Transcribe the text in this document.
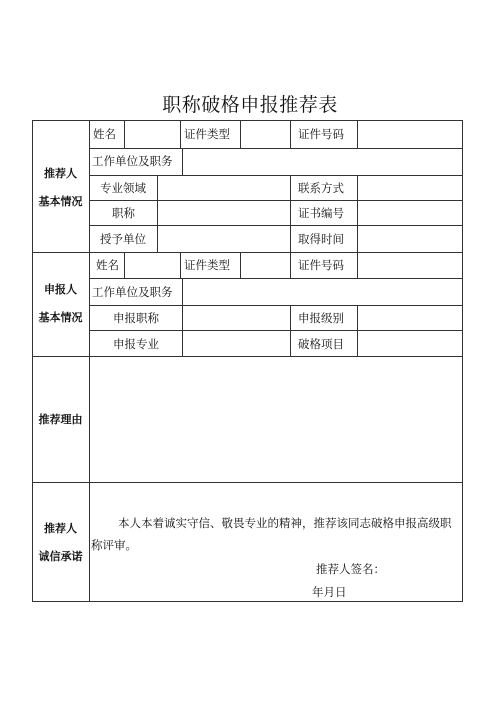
职称破格申报推荐表
推荐人
基本情况
姓名	证件类型	证件号码
工作单位及职务
专业领域	联系方式
职称	证书编号
授予单位	取得时间
申报人
基本情况
姓名	证件类型	证件号码
工作单位及职务
申报职称	申报级别
申报专业	破格项目
推荐理由
推荐人
诚信承诺
本人本着诚实守信、敬畏专业的精神，推荐该同志破格申报高级职称评审。
推荐人签名：
年月日
